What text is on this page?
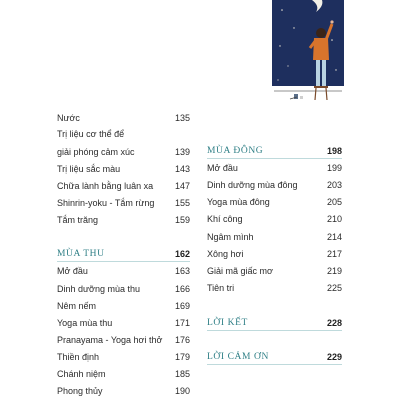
Nước	135
Trị liệu cơ thể để
giải phóng cảm xúc	139
Trị liệu sắc màu	143
Chữa lành bằng luân xa 147
Shinrin-yoku - Tắm rừng 155
Tắm trăng	159
MÙA THU	162
Mở đầu	163
Dinh dưỡng mùa thu	166
Nêm nếm	169
Yoga mùa thu	171
Pranayama - Yoga hơi thở 176
Thiền định	179
Chánh niệm	185
Phong thủy	190
MÙA ĐÔNG	198
Mở đầu	199
Dinh dưỡng mùa đông	203
Yoga mùa đông	205
Khí công	210
Ngâm mình	214
Xông hơi	217
Giải mã giấc mơ	219
Tiên tri	225
LỜI KẾT	228
LỜI CẢM ƠN	229
